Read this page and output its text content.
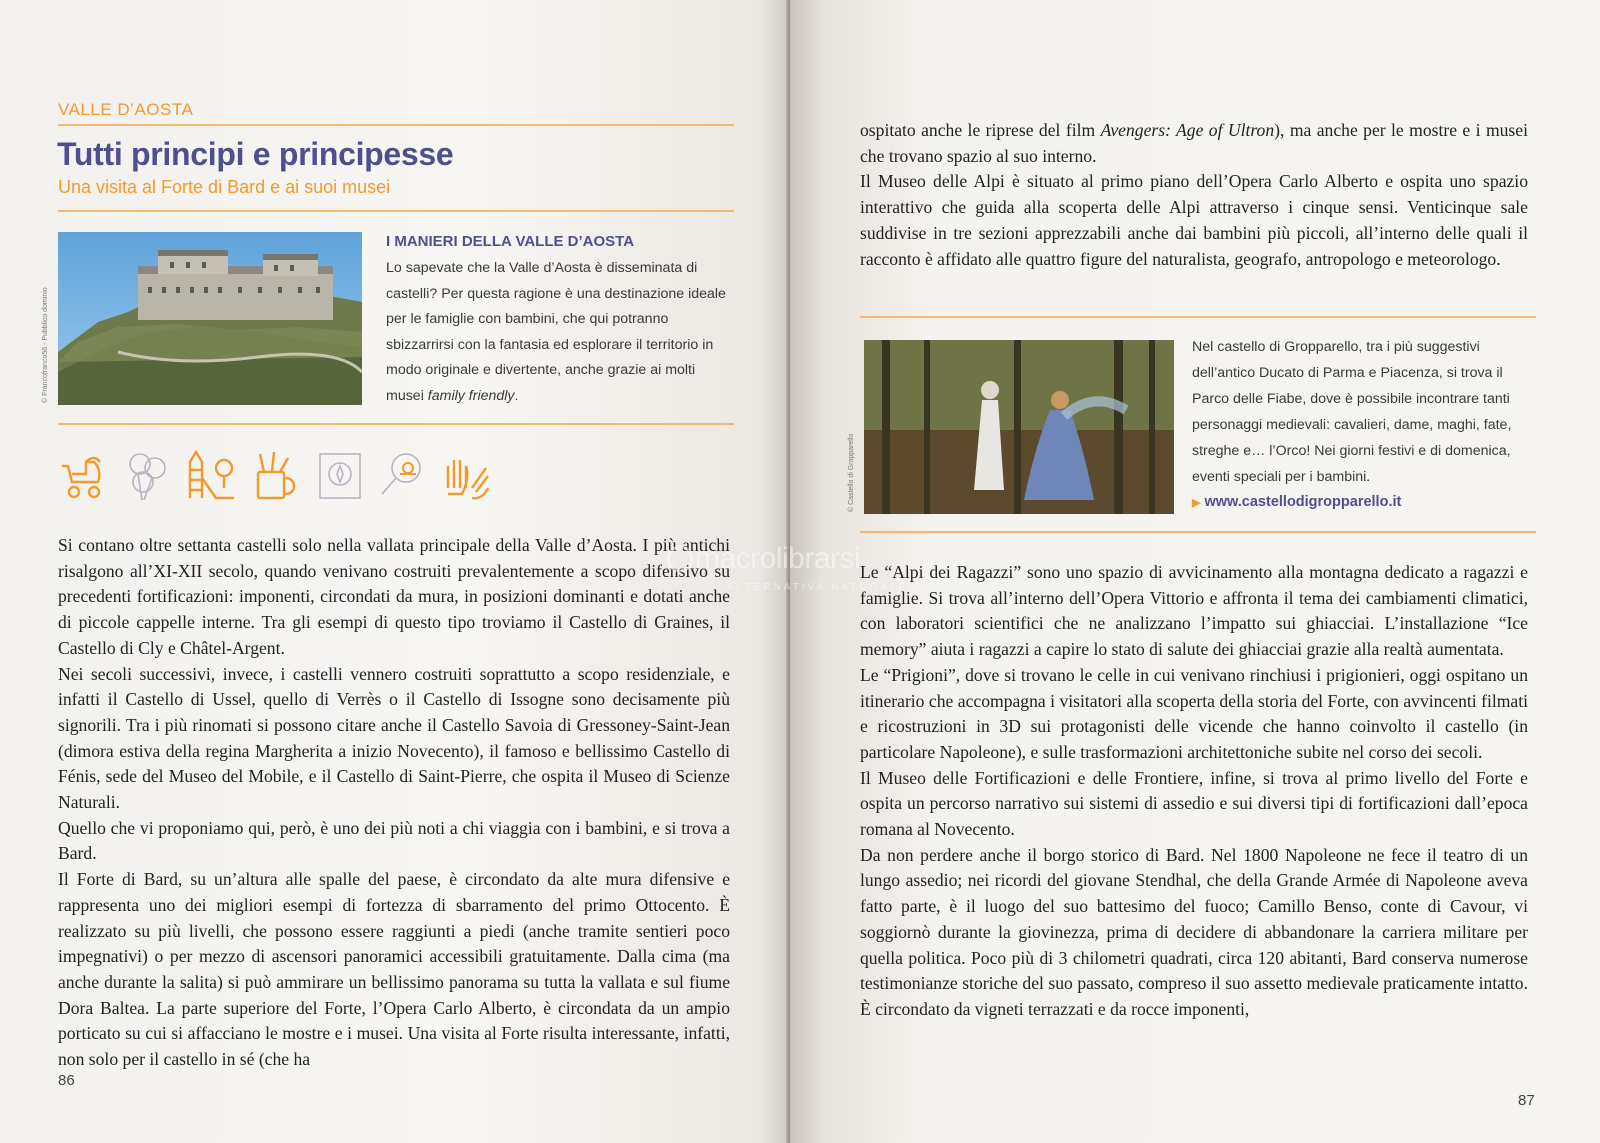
VALLE D’AOSTA
Tutti principi e principesse
Una visita al Forte di Bard e ai suoi musei
© Francofranco56 - Pubblico dominio
I MANIERI DELLA VALLE D’AOSTA
Lo sapevate che la Valle d’Aosta è disseminata di castelli? Per questa ragione è una destinazione ideale per le famiglie con bambini, che qui potranno sbizzarrirsi con la fantasia ed esplorare il territorio in modo originale e divertente, anche grazie ai molti musei family friendly.

Si contano oltre settanta castelli solo nella vallata principale della Valle d’Aosta. I più antichi risalgono all’XI-XII secolo, quando venivano costruiti prevalentemente a scopo difensivo su precedenti fortificazioni: imponenti, circondati da mura, in posizioni dominanti e dotati anche di piccole cappelle interne. Tra gli esempi di questo tipo troviamo il Castello di Graines, il Castello di Cly e Châtel-Argent.

Nei secoli successivi, invece, i castelli vennero costruiti soprattutto a scopo residenziale, e infatti il Castello di Ussel, quello di Verrès o il Castello di Issogne sono decisamente più signorili. Tra i più rinomati si possono citare anche il Castello Savoia di Gressoney-Saint-Jean (dimora estiva della regina Margherita a inizio Novecento), il famoso e bellissimo Castello di Fénis, sede del Museo del Mobile, e il Castello di Saint-Pierre, che ospita il Museo di Scienze Naturali.

Quello che vi proponiamo qui, però, è uno dei più noti a chi viaggia con i bambini, e si trova a Bard.

Il Forte di Bard, su un’altura alle spalle del paese, è circondato da alte mura difensive e rappresenta uno dei migliori esempi di fortezza di sbarramento del primo Ottocento. È realizzato su più livelli, che possono essere raggiunti a piedi (anche tramite sentieri poco impegnativi) o per mezzo di ascensori panoramici accessibili gratuitamente. Dalla cima (ma anche durante la salita) si può ammirare un bellissimo panorama su tutta la vallata e sul fiume Dora Baltea. La parte superiore del Forte, l’Opera Carlo Alberto, è circondata da un ampio porticato su cui si affacciano le mostre e i musei. Una visita al Forte risulta interessante, infatti, non solo per il castello in sé (che ha

86

ospitato anche le riprese del film Avengers: Age of Ultron), ma anche per le mostre e i musei che trovano spazio al suo interno.

Il Museo delle Alpi è situato al primo piano dell’Opera Carlo Alberto e ospita uno spazio interattivo che guida alla scoperta delle Alpi attraverso i cinque sensi. Venticinque sale suddivise in tre sezioni apprezzabili anche dai bambini più piccoli, all’interno delle quali il racconto è affidato alle quattro figure del naturalista, geografo, antropologo e meteorologo.

© Castello di Gropparello
Nel castello di Gropparello, tra i più suggestivi dell’antico Ducato di Parma e Piacenza, si trova il Parco delle Fiabe, dove è possibile incontrare tanti personaggi medievali: cavalieri, dame, maghi, fate, streghe e… l’Orco! Nei giorni festivi e di domenica, eventi speciali per i bambini.
▶ www.castellodigropparello.it

Le “Alpi dei Ragazzi” sono uno spazio di avvicinamento alla montagna dedicato a ragazzi e famiglie. Si trova all’interno dell’Opera Vittorio e affronta il tema dei cambiamenti climatici, con laboratori scientifici che ne analizzano l’impatto sui ghiacciai. L’installazione “Ice memory” aiuta i ragazzi a capire lo stato di salute dei ghiacciai grazie alla realtà aumentata.

Le “Prigioni”, dove si trovano le celle in cui venivano rinchiusi i prigionieri, oggi ospitano un itinerario che accompagna i visitatori alla scoperta della storia del Forte, con avvincenti filmati e ricostruzioni in 3D sui protagonisti delle vicende che hanno coinvolto il castello (in particolare Napoleone), e sulle trasformazioni architettoniche subite nel corso dei secoli.

Il Museo delle Fortificazioni e delle Frontiere, infine, si trova al primo livello del Forte e ospita un percorso narrativo sui sistemi di assedio e sui diversi tipi di fortificazioni dall’epoca romana al Novecento.

Da non perdere anche il borgo storico di Bard. Nel 1800 Napoleone ne fece il teatro di un lungo assedio; nei ricordi del giovane Stendhal, che della Grande Armée di Napoleone aveva fatto parte, è il luogo del suo battesimo del fuoco; Camillo Benso, conte di Cavour, vi soggiornò durante la giovinezza, prima di decidere di abbandonare la carriera militare per quella politica. Poco più di 3 chilometri quadrati, circa 120 abitanti, Bard conserva numerose testimonianze storiche del suo passato, compreso il suo assetto medievale praticamente intatto. È circondato da vigneti terrazzati e da rocce imponenti,

87
macrolibrarsi
ALTERNATIVA NATURALE
